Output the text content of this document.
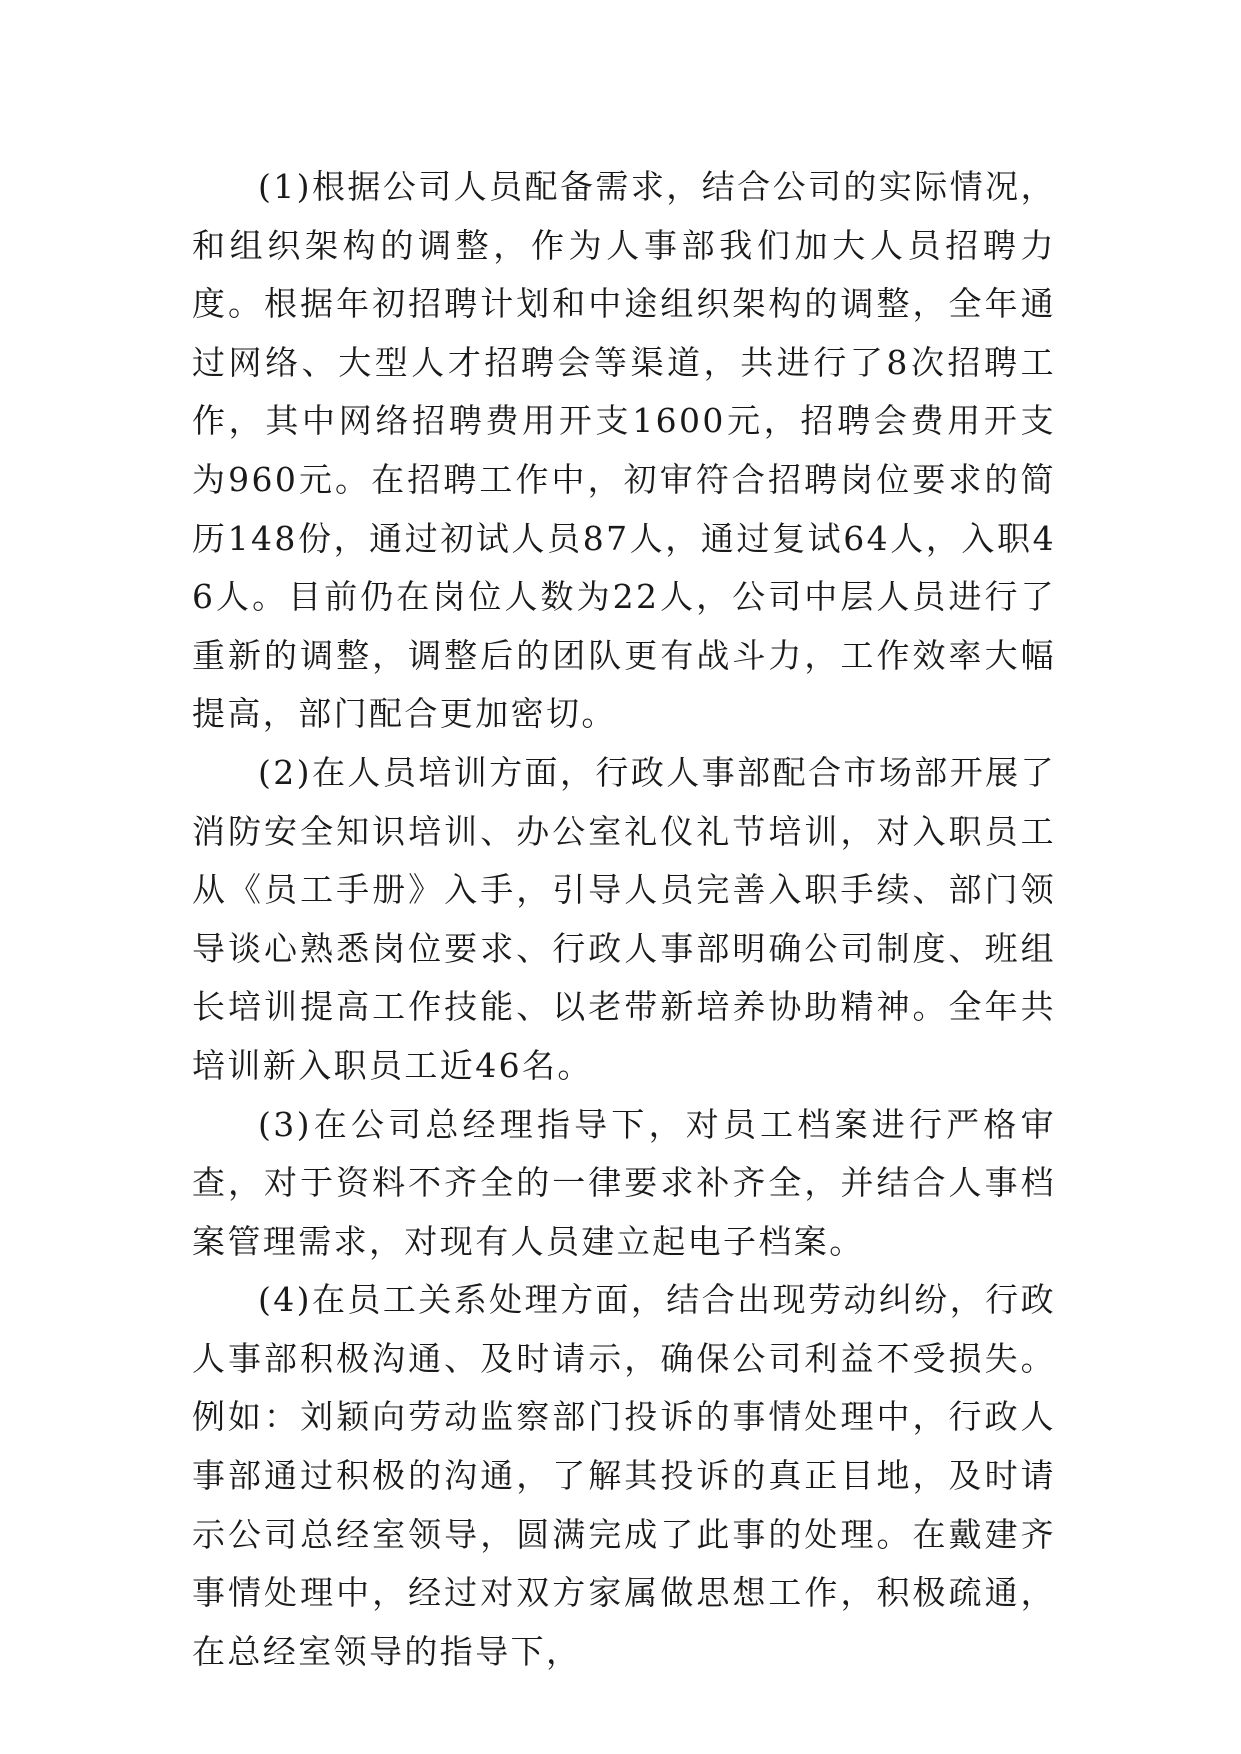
(1)根据公司人员配备需求，结合公司的实际情况，和组织架构的调整，作为人事部我们加大人员招聘力度。根据年初招聘计划和中途组织架构的调整，全年通过网络、大型人才招聘会等渠道，共进行了8次招聘工作，其中网络招聘费用开支1600元，招聘会费用开支为960元。在招聘工作中，初审符合招聘岗位要求的简历148份，通过初试人员87人，通过复试64人，入职46人。目前仍在岗位人数为22人，公司中层人员进行了重新的调整，调整后的团队更有战斗力，工作效率大幅提高，部门配合更加密切。

(2)在人员培训方面，行政人事部配合市场部开展了消防安全知识培训、办公室礼仪礼节培训，对入职员工从《员工手册》入手，引导人员完善入职手续、部门领导谈心熟悉岗位要求、行政人事部明确公司制度、班组长培训提高工作技能、以老带新培养协助精神。全年共培训新入职员工近46名。

(3)在公司总经理指导下，对员工档案进行严格审查，对于资料不齐全的一律要求补齐全，并结合人事档案管理需求，对现有人员建立起电子档案。

(4)在员工关系处理方面，结合出现劳动纠纷，行政人事部积极沟通、及时请示，确保公司利益不受损失。例如：刘颖向劳动监察部门投诉的事情处理中，行政人事部通过积极的沟通，了解其投诉的真正目地，及时请示公司总经室领导，圆满完成了此事的处理。在戴建齐事情处理中，经过对双方家属做思想工作，积极疏通，在总经室领导的指导下，
